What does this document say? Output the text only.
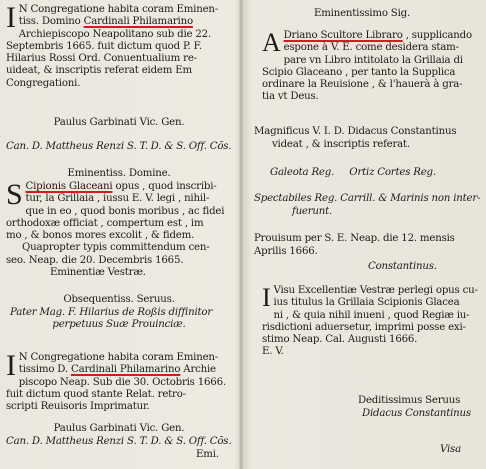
I N Congregatione habita coram Eminen-
tiss. Domino Cardinali Philamarino
Archiepiscopo Neapolitano sub die 22.
Septembris 1665. fuit dictum quod P. F.
Hilarius Rossi Ord. Conuentualium re-
uideat, & inscriptis referat eidem Em
Congregationi.
Paulus Garbinati Vic. Gen.
Can. D. Mattheus Renzi S. T. D. & S. Off. Cõs.
Eminentiss. Domine.
S Cipionis Glaceani opus , quod inscribi-
tur, la Grillaia , iussu E. V. legi , nihil-
que in eo , quod bonis moribus , ac fidei
orthodoxæ officiat , compertum est , im
mo , & bonos mores excolit , & fidem.
Quapropter typis committendum cen-
seo. Neap. die 20. Decembris 1665.
Eminentiæ Vestræ.
Obsequentiss. Seruus.
Pater Mag. F. Hilarius de Roßis diffinitor
perpetuus Suæ Prouinciæ.
I N Congregatione habita coram Eminen-
tissimo D. Cardinali Philamarino Archie
piscopo Neap. Sub die 30. Octobris 1666.
fuit dictum quod stante Relat. retro-
scripti Reuisoris Imprimatur.
Paulus Garbinati Vic. Gen.
Can. D. Mattheus Renzi S. T. D. & S. Off. Cõs.
Emi.
Eminentissimo Sig.
A Driano Scultore Libraro , supplicando
espone à V. E. come desidera stam-
pare vn Libro intitolato la Grillaia di
Scipio Glaceano , per tanto la Supplica
ordinare la Reuisione , & l'hauerà à gra-
tia vt Deus.
Magnificus V. I. D. Didacus Constantinus
videat , & inscriptis referat.
Galeota Reg.     Ortiz Cortes Reg.
Spectabiles Reg. Carrill. & Marinis non inter-
fuerunt.
Prouisum per S. E. Neap. die 12. mensis
Aprilis 1666.
Constantinus.
I Visu Excellentiæ Vestræ perlegi opus cu-
ius titulus la Grillaia Scipionis Glacea
ni , & quia nihil inueni , quod Regiæ iu-
risdictioni aduersetur, imprimi posse exi-
stimo Neap. Cal. Augusti 1666.
E. V.
Deditissimus Seruus
Didacus Constantinus
Visa
